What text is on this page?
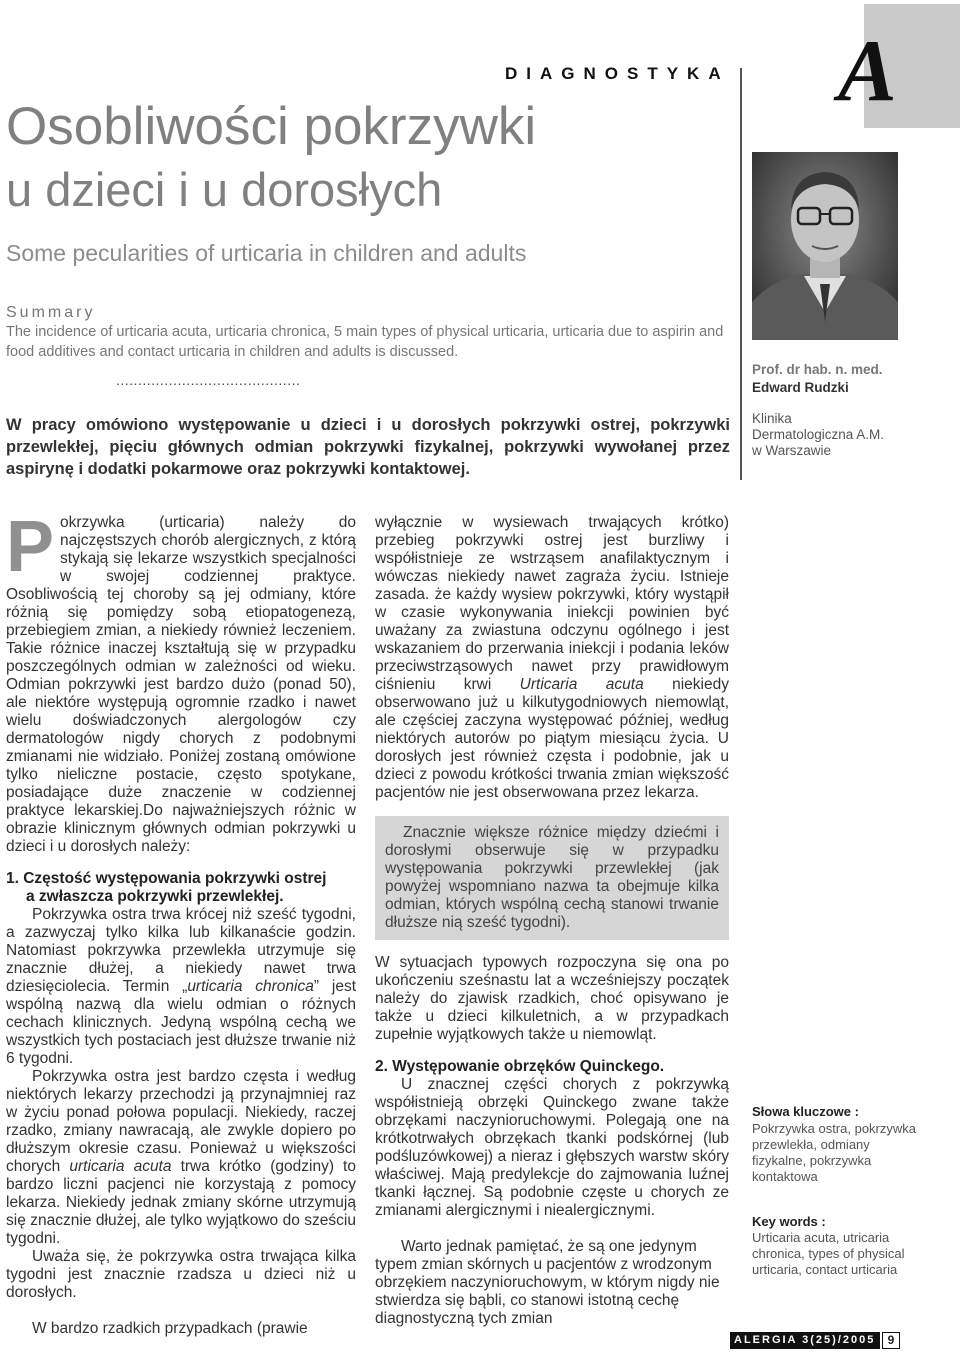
DIAGNOSTYKA A
Osobliwości pokrzywki
u dzieci i u dorosłych
Some pecularities of urticaria in children and adults
Summary
The incidence of urticaria acuta, urticaria chronica, 5 main types of physical urticaria, urticaria due to aspirin and food additives and contact urticaria in children and adults is discussed.
..........................................
W pracy omówiono występowanie u dzieci i u dorosłych pokrzywki ostrej, pokrzywki przewlekłej, pięciu głównych odmian pokrzywki fizykalnej, pokrzywki wywołanej przez aspirynę i dodatki pokarmowe oraz pokrzywki kontaktowej.
Prof. dr hab. n. med.
Edward Rudzki
Klinika
Dermatologiczna A.M.
w Warszawie

Pokrzywka (urticaria) należy do najczęstszych chorób alergicznych, z którą stykają się lekarze wszystkich specjalności w swojej codziennej praktyce. Osobliwością tej choroby są jej odmiany, które różnią się pomiędzy sobą etiopatogenezą, przebiegiem zmian, a niekiedy również leczeniem. Takie różnice inaczej kształtują się w przypadku poszczególnych odmian w zależności od wieku. Odmian pokrzywki jest bardzo dużo (ponad 50), ale niektóre występują ogromnie rzadko i nawet wielu doświadczonych alergologów czy dermatologów nigdy chorych z podobnymi zmianami nie widziało. Poniżej zostaną omówione tylko nieliczne postacie, często spotykane, posiadające duże znaczenie w codziennej praktyce lekarskiej.Do najważniejszych różnic w obrazie klinicznym głównych odmian pokrzywki u dzieci i u dorosłych należy:

1. Częstość występowania pokrzywki ostrej
a zwłaszcza pokrzywki przewlekłej.

Pokrzywka ostra trwa krócej niż sześć tygodni, a zazwyczaj tylko kilka lub kilkanaście godzin. Natomiast pokrzywka przewlekła utrzymuje się znacznie dłużej, a niekiedy nawet trwa dziesięciolecia. Termin „urticaria chronica” jest wspólną nazwą dla wielu odmian o różnych cechach klinicznych. Jedyną wspólną cechą we wszystkich tych postaciach jest dłuższe trwanie niż 6 tygodni.

Pokrzywka ostra jest bardzo częsta i według niektórych lekarzy przechodzi ją przynajmniej raz w życiu ponad połowa populacji. Niekiedy, raczej rzadko, zmiany nawracają, ale zwykle dopiero po dłuższym okresie czasu. Ponieważ u większości chorych urticaria acuta trwa krótko (godziny) to bardzo liczni pacjenci nie korzystają z pomocy lekarza. Niekiedy jednak zmiany skórne utrzymują się znacznie dłużej, ale tylko wyjątkowo do sześciu tygodni.

Uważa się, że pokrzywka ostra trwająca kilka tygodni jest znacznie rzadsza u dzieci niż u dorosłych.

W bardzo rzadkich przypadkach (prawie

wyłącznie w wysiewach trwających krótko) przebieg pokrzywki ostrej jest burzliwy i współistnieje ze wstrząsem anafilaktycznym i wówczas niekiedy nawet zagraża życiu. Istnieje zasada. że każdy wysiew pokrzywki, który wystąpił w czasie wykonywania iniekcji powinien być uważany za zwiastuna odczynu ogólnego i jest wskazaniem do przerwania iniekcji i podania leków przeciwstrząsowych nawet przy prawidłowym ciśnieniu krwi Urticaria acuta niekiedy obserwowano już u kilkutygodniowych niemowląt, ale częściej zaczyna występować później, według niektórych autorów po piątym miesiącu życia. U dorosłych jest również częsta i podobnie, jak u dzieci z powodu krótkości trwania zmian większość pacjentów nie jest obserwowana przez lekarza.

Znacznie większe różnice między dziećmi i dorosłymi obserwuje się w przypadku występowania pokrzywki przewlekłej (jak powyżej wspomniano nazwa ta obejmuje kilka odmian, których wspólną cechą stanowi trwanie dłuższe nią sześć tygodni).

W sytuacjach typowych rozpoczyna się ona po ukończeniu sześnastu lat a wcześniejszy początek należy do zjawisk rzadkich, choć opisywano je także u dzieci kilkuletnich, a w przypadkach zupełnie wyjątkowych także u niemowląt.

2. Występowanie obrzęków Quinckego.

U znacznej części chorych z pokrzywką współistnieją obrzęki Quinckego zwane także obrzękami naczynioruchowymi. Polegają one na krótkotrwałych obrzękach tkanki podskórnej (lub podśluzówkowej) a nieraz i głębszych warstw skóry właściwej. Mają predylekcje do zajmowania luźnej tkanki łącznej. Są podobnie częste u chorych ze zmianami alergicznymi i niealergicznymi.

Warto jednak pamiętać, że są one jedynym typem zmian skórnych u pacjentów z wrodzonym obrzękiem naczynioruchowym, w którym nigdy nie stwierdza się bąbli, co stanowi istotną cechę diagnostyczną tych zmian

Słowa kluczowe :
Pokrzywka ostra, pokrzywka przewlekła, odmiany fizykalne, pokrzywka kontaktowa
Key words :
Urticaria acuta, utricaria chronica, types of physical urticaria, contact urticaria
ALERGIA 3(25)/2005	9
